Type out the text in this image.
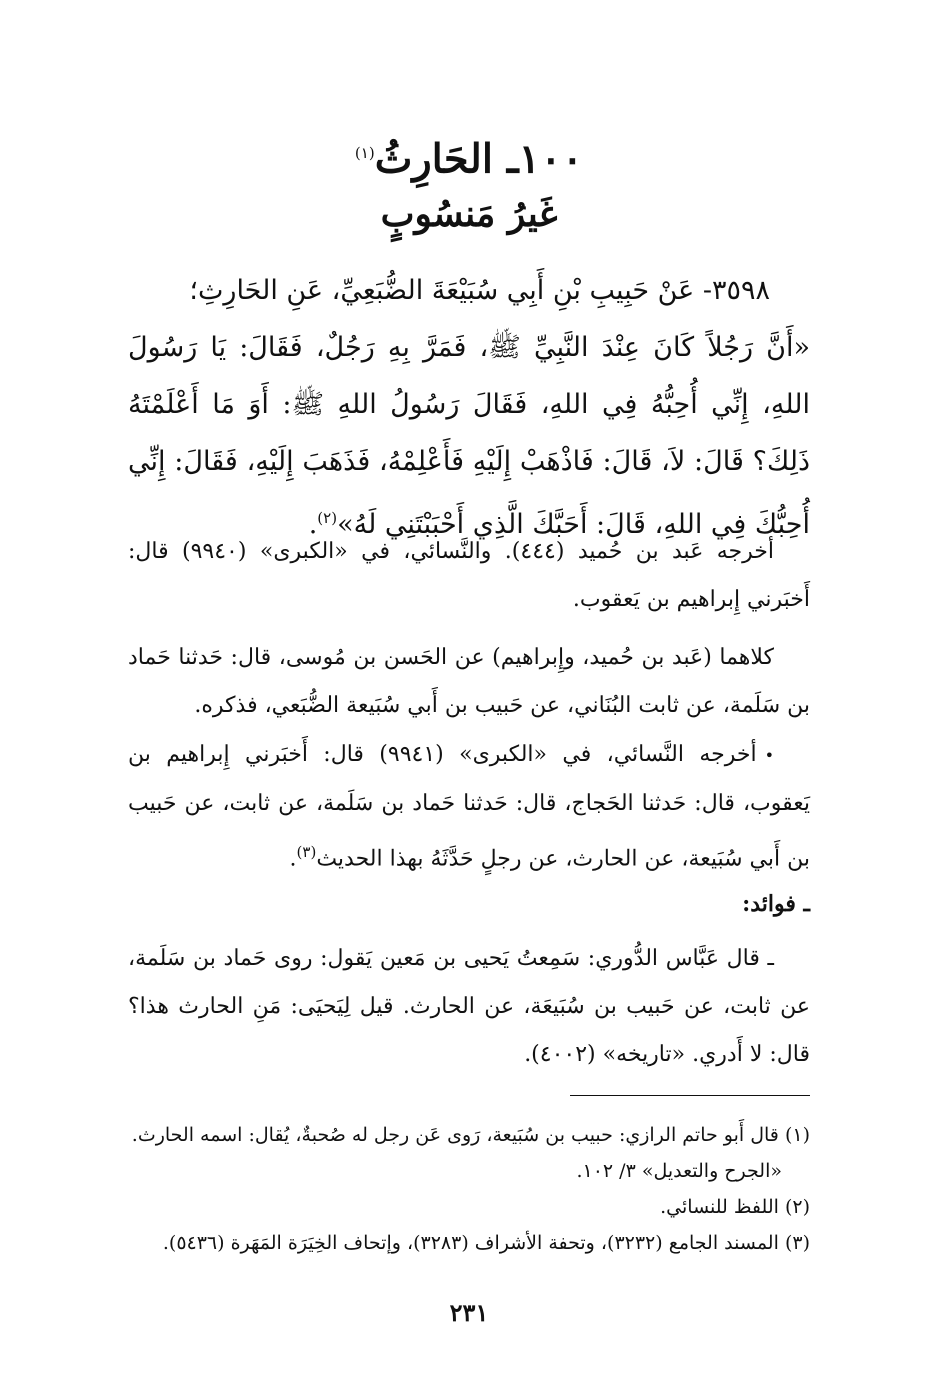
١٠٠ـ الحَارِثُ$^{(١)}$
غَيرُ مَنسُوبٍ

٣٥٩٨- عَنْ حَبِيبِ بْنِ أَبِي سُبَيْعَةَ الضُّبَعِيِّ، عَنِ الحَارِثِ؛

«أَنَّ رَجُلاً كَانَ عِنْدَ النَّبِيِّ ﷺ، فَمَرَّ بِهِ رَجُلٌ، فَقَالَ: يَا رَسُولَ اللهِ، إِنِّي أُحِبُّهُ فِي اللهِ، فَقَالَ رَسُولُ اللهِ ﷺ: أَوَ مَا أَعْلَمْتَهُ ذَلِكَ؟ قَالَ: لاَ، قَالَ: فَاذْهَبْ إِلَيْهِ فَأَعْلِمْهُ، فَذَهَبَ إِلَيْهِ، فَقَالَ: إِنِّي أُحِبُّكَ فِي اللهِ، قَالَ: أَحَبَّكَ الَّذِي أَحْبَبْتَنِي لَهُ»$^{(٢)}$.

أخرجه عَبد بن حُميد (٤٤٤). والنَّسائي، في «الكبرى» (٩٩٤٠) قال: أَخبَرني إِبراهيم بن يَعقوب.

كلاهما (عَبد بن حُميد، وإِبراهيم) عن الحَسن بن مُوسى، قال: حَدثنا حَماد بن سَلَمة، عن ثابت البُنَاني، عن حَبيب بن أَبي سُبَيعة الضُّبَعي، فذكره.

•أخرجه النَّسائي، في «الكبرى» (٩٩٤١) قال: أَخبَرني إِبراهيم بن يَعقوب، قال: حَدثنا الحَجاج، قال: حَدثنا حَماد بن سَلَمة، عن ثابت، عن حَبيب بن أَبي سُبَيعة، عن الحارث، عن رجلٍ حَدَّثَهُ بهذا الحديث$^{(٣)}$.

ـ فوائد:

ـ قال عَبَّاس الدُّوري: سَمِعتُ يَحيى بن مَعين يَقول: روى حَماد بن سَلَمة، عن ثابت، عن حَبيب بن سُبَيعَة، عن الحارث. قيل لِيَحيَى: مَنِ الحارث هذا؟ قال: لا أَدري. «تاريخه» (٤٠٠٢).

(١) قال أَبو حاتم الرازي: حبيب بن سُبَيعة، رَوى عَن رجل له صُحبةٌ، يُقال: اسمه الحارث.

«الجرح والتعديل» ٣/ ١٠٢.

(٢) اللفظ للنسائي.

(٣) المسند الجامع (٣٢٣٢)، وتحفة الأشراف (٣٢٨٣)، وإتحاف الخِيَرَة المَهَرة (٥٤٣٦).

٢٣١
